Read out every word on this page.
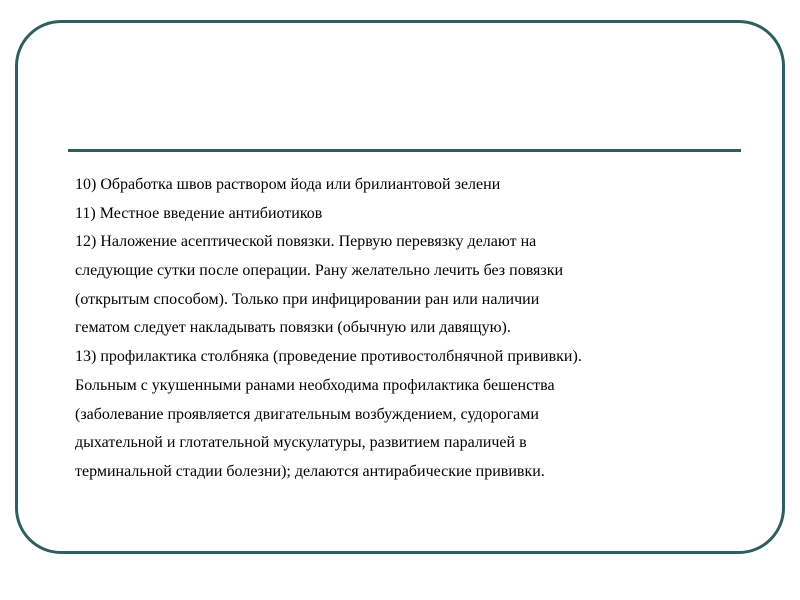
10) Обработка швов раствором йода или брилиантовой зелени
11) Местное введение антибиотиков
12) Наложение асептической повязки. Первую перевязку делают на
следующие сутки после операции. Рану желательно лечить без повязки
(открытым способом). Только при инфицировании ран или наличии
гематом следует накладывать повязки (обычную или давящую).
13) профилактика столбняка (проведение противостолбнячной прививки).
Больным с укушенными ранами необходима профилактика бешенства
(заболевание проявляется двигательным возбуждением, судорогами
дыхательной и глотательной мускулатуры, развитием параличей в
терминальной стадии болезни); делаются антирабические прививки.
